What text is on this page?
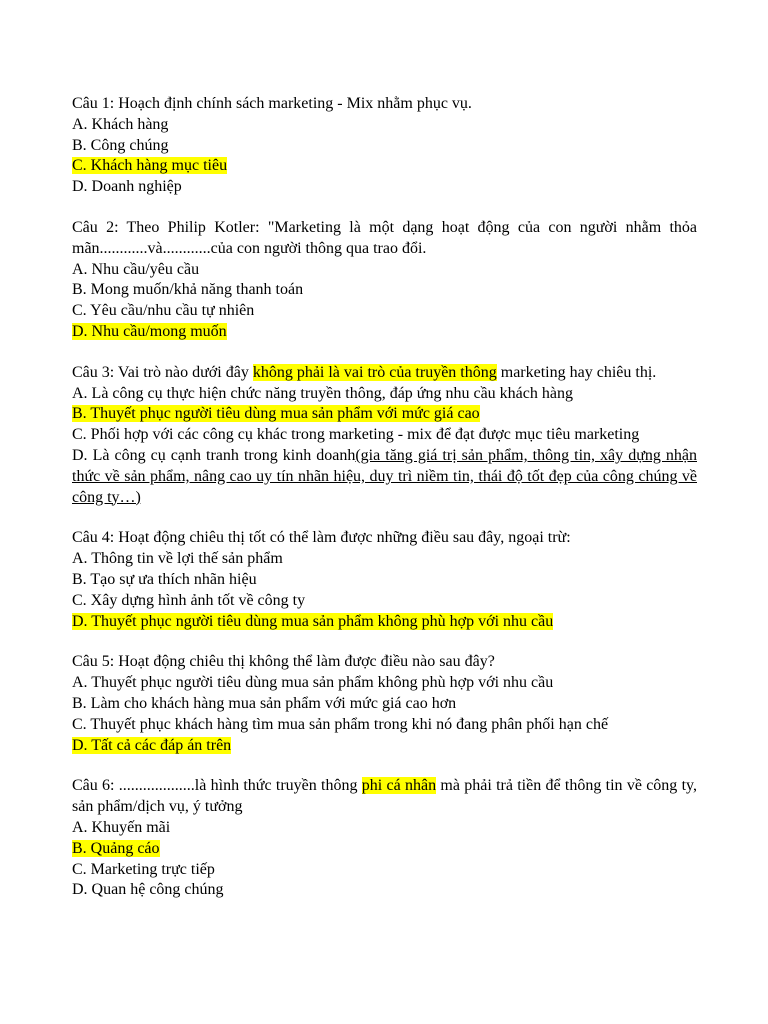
Câu 1: Hoạch định chính sách marketing - Mix nhằm phục vụ.
A. Khách hàng
B. Công chúng
C. Khách hàng mục tiêu
D. Doanh nghiệp
Câu 2: Theo Philip Kotler: "Marketing là một dạng hoạt động của con người nhằm thỏa mãn............và............của con người thông qua trao đổi.
A. Nhu cầu/yêu cầu
B. Mong muốn/khả năng thanh toán
C. Yêu cầu/nhu cầu tự nhiên
D. Nhu cầu/mong muốn
Câu 3: Vai trò nào dưới đây không phải là vai trò của truyền thông marketing hay chiêu thị.
A. Là công cụ thực hiện chức năng truyền thông, đáp ứng nhu cầu khách hàng
B. Thuyết phục người tiêu dùng mua sản phẩm với mức giá cao
C. Phối hợp với các công cụ khác trong marketing - mix để đạt được mục tiêu marketing
D. Là công cụ cạnh tranh trong kinh doanh(gia tăng giá trị sản phẩm, thông tin, xây dựng nhận thức về sản phẩm, nâng cao uy tín nhãn hiệu, duy trì niềm tin, thái độ tốt đẹp của công chúng về công ty…)
Câu 4: Hoạt động chiêu thị tốt có thể làm được những điều sau đây, ngoại trừ:
A. Thông tin về lợi thế sản phẩm
B. Tạo sự ưa thích nhãn hiệu
C. Xây dựng hình ảnh tốt về công ty
D. Thuyết phục người tiêu dùng mua sản phẩm không phù hợp với nhu cầu
Câu 5: Hoạt động chiêu thị không thể làm được điều nào sau đây?
A. Thuyết phục người tiêu dùng mua sản phẩm không phù hợp với nhu cầu
B. Làm cho khách hàng mua sản phẩm với mức giá cao hơn
C. Thuyết phục khách hàng tìm mua sản phẩm trong khi nó đang phân phối hạn chế
D. Tất cả các đáp án trên
Câu 6: ...................là hình thức truyền thông phi cá nhân mà phải trả tiền để thông tin về công ty, sản phẩm/dịch vụ, ý tưởng
A. Khuyến mãi
B. Quảng cáo
C. Marketing trực tiếp
D. Quan hệ công chúng
